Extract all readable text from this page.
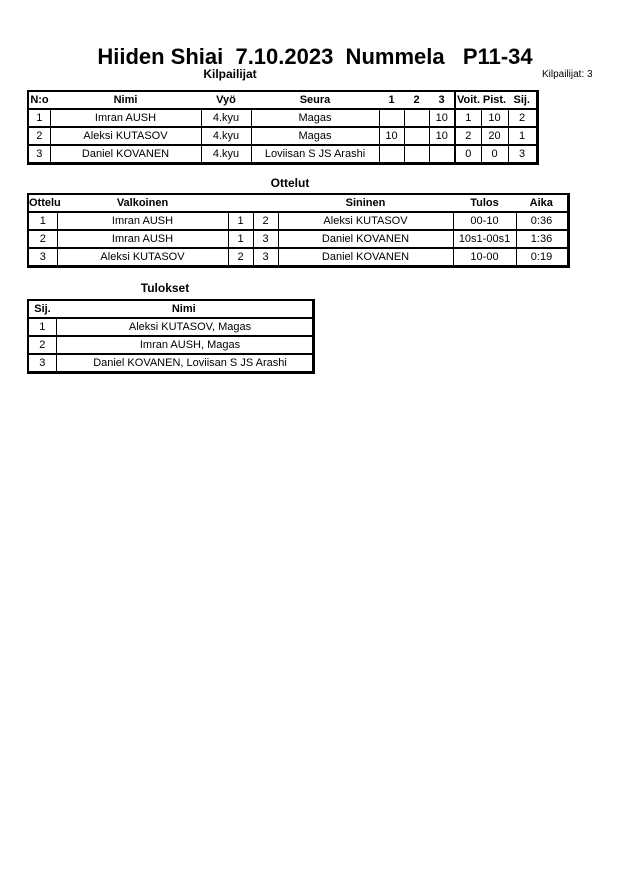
Hiiden Shiai  7.10.2023  Nummela   P11-34
Kilpailijat	Kilpailijat: 3
N:o	Nimi	Vyö	Seura	1	2	3	Voit.	Pist.	Sij.
1	Imran AUSH	4.kyu	Magas			10	1	10	2
2	Aleksi KUTASOV	4.kyu	Magas	10		10	2	20	1
3	Daniel KOVANEN	4.kyu	Loviisan S JS Arashi				0	0	3
Ottelut
Ottelu	Valkoinen			Sininen	Tulos	Aika
1	Imran AUSH	1	2	Aleksi KUTASOV	00-10	0:36
2	Imran AUSH	1	3	Daniel KOVANEN	10s1-00s1	1:36
3	Aleksi KUTASOV	2	3	Daniel KOVANEN	10-00	0:19
Tulokset
Sij.	Nimi
1	Aleksi KUTASOV, Magas
2	Imran AUSH, Magas
3	Daniel KOVANEN, Loviisan S JS Arashi
